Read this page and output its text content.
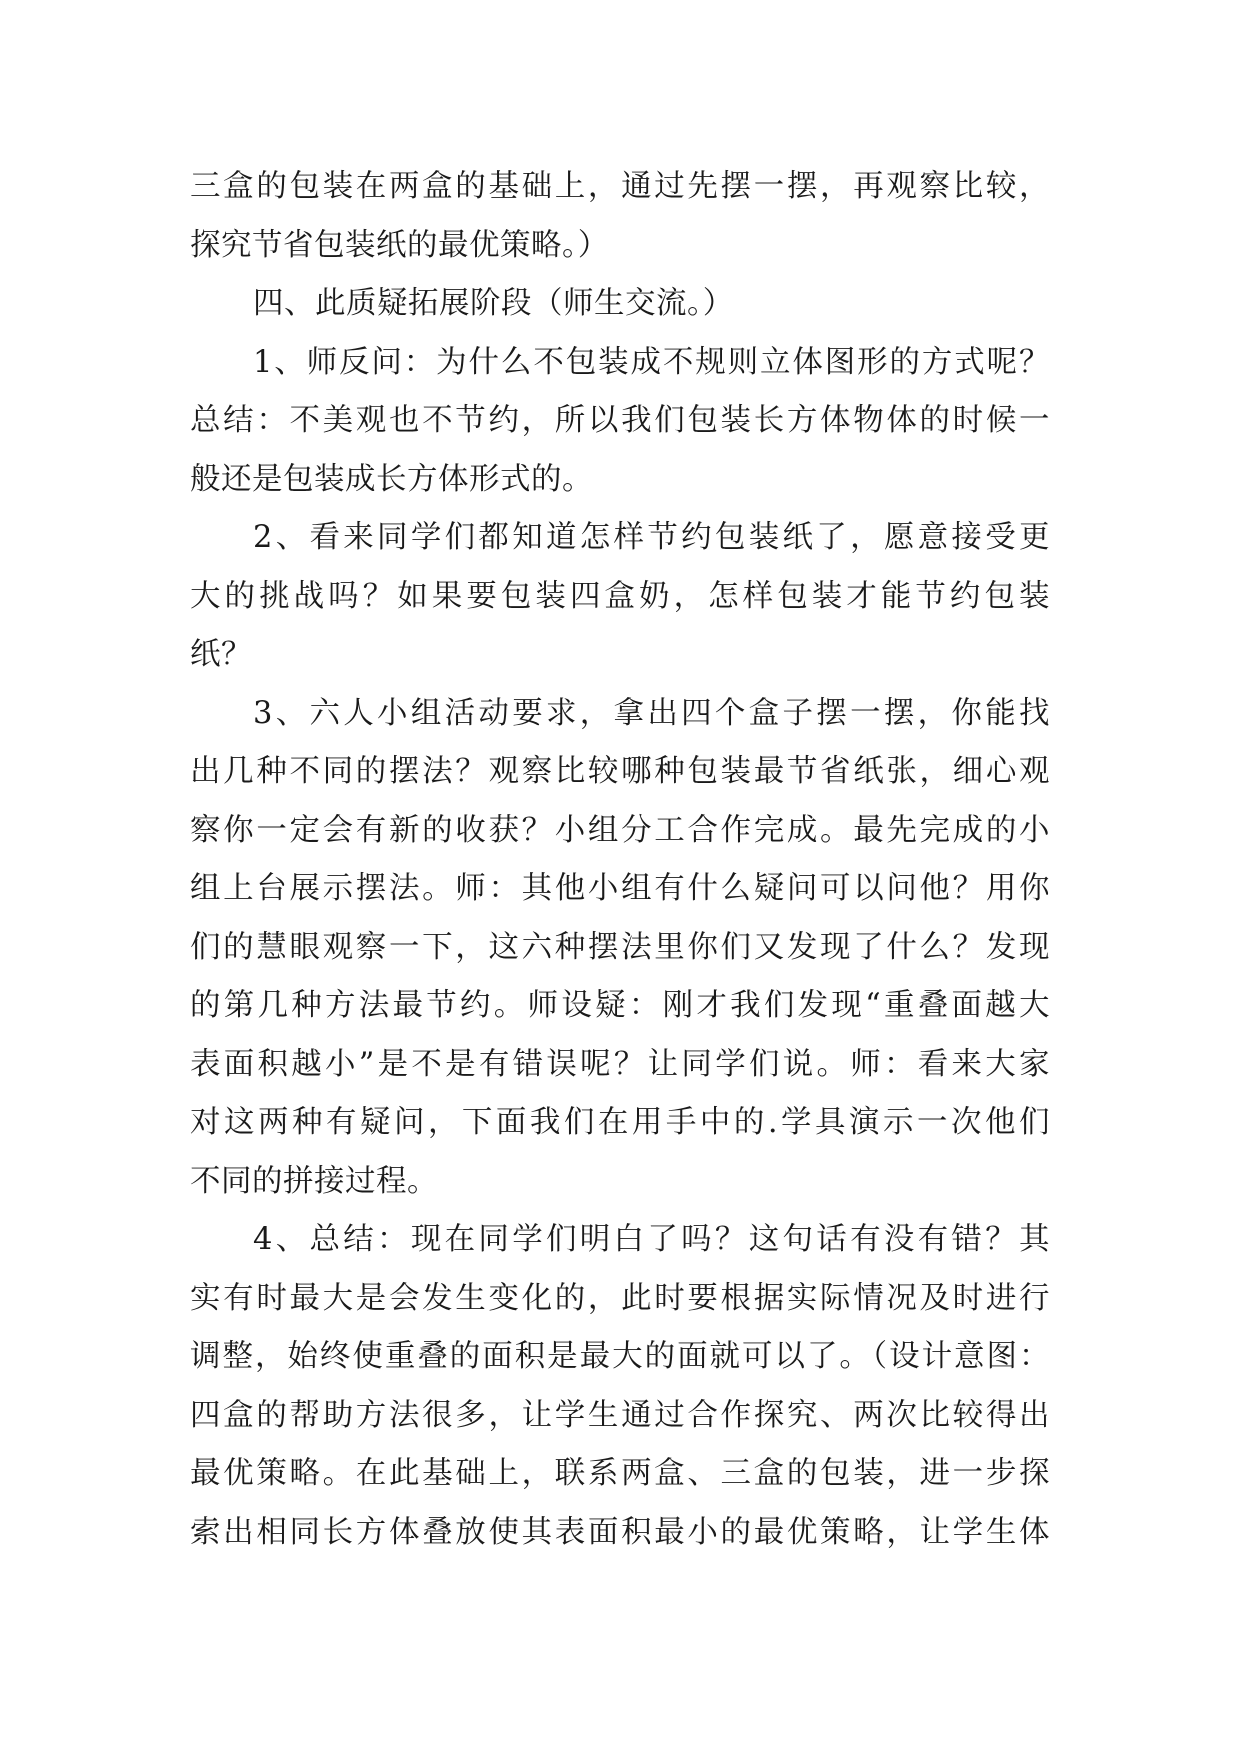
三盒的包装在两盒的基础上，通过先摆一摆，再观察比较，
探究节省包装纸的最优策略。）
四、此质疑拓展阶段（师生交流。）
1、师反问：为什么不包装成不规则立体图形的方式呢？
总结：不美观也不节约，所以我们包装长方体物体的时候一
般还是包装成长方体形式的。
2、看来同学们都知道怎样节约包装纸了，愿意接受更
大的挑战吗？如果要包装四盒奶，怎样包装才能节约包装
纸？
3、六人小组活动要求，拿出四个盒子摆一摆，你能找
出几种不同的摆法？观察比较哪种包装最节省纸张，细心观
察你一定会有新的收获？小组分工合作完成。最先完成的小
组上台展示摆法。师：其他小组有什么疑问可以问他？用你
们的慧眼观察一下，这六种摆法里你们又发现了什么？发现
的第几种方法最节约。师设疑：刚才我们发现“重叠面越大
表面积越小”是不是有错误呢？让同学们说。师：看来大家
对这两种有疑问，下面我们在用手中的.学具演示一次他们
不同的拼接过程。
4、总结：现在同学们明白了吗？这句话有没有错？其
实有时最大是会发生变化的，此时要根据实际情况及时进行
调整，始终使重叠的面积是最大的面就可以了。（设计意图：
四盒的帮助方法很多，让学生通过合作探究、两次比较得出
最优策略。在此基础上，联系两盒、三盒的包装，进一步探
索出相同长方体叠放使其表面积最小的最优策略，让学生体
